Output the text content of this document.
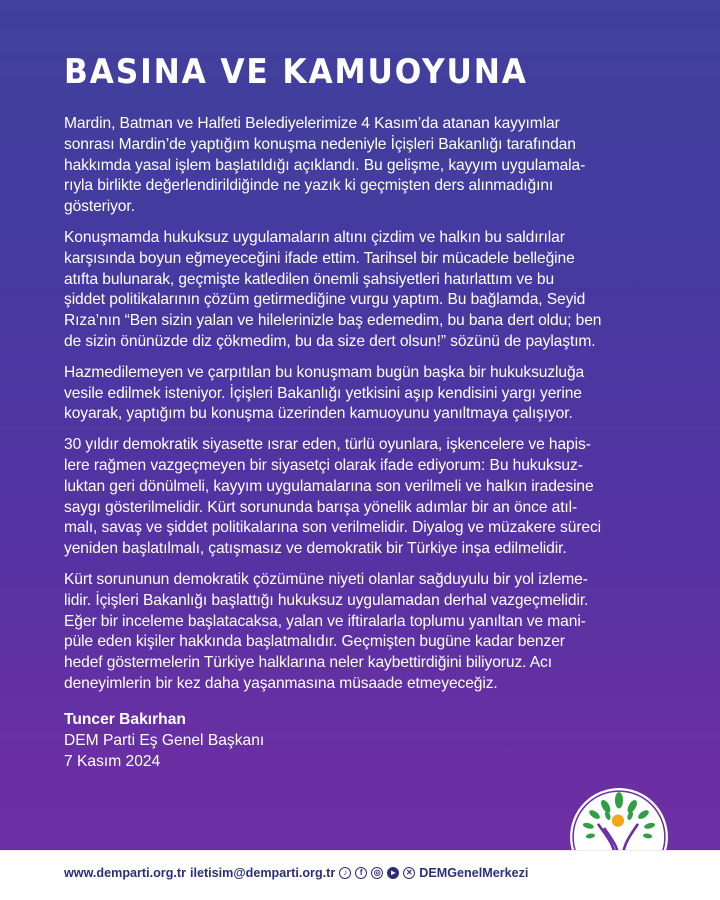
BASINA VE KAMUOYUNA

Mardin, Batman ve Halfeti Belediyelerimize 4 Kasım’da atanan kayyımlar
sonrası Mardin’de yaptığım konuşma nedeniyle İçişleri Bakanlığı tarafından
hakkımda yasal işlem başlatıldığı açıklandı. Bu gelişme, kayyım uygulamala-
rıyla birlikte değerlendirildiğinde ne yazık ki geçmişten ders alınmadığını
gösteriyor.

Konuşmamda hukuksuz uygulamaların altını çizdim ve halkın bu saldırılar
karşısında boyun eğmeyeceğini ifade ettim. Tarihsel bir mücadele belleğine
atıfta bulunarak, geçmişte katledilen önemli şahsiyetleri hatırlattım ve bu
şiddet politikalarının çözüm getirmediğine vurgu yaptım. Bu bağlamda, Seyid
Rıza’nın “Ben sizin yalan ve hilelerinizle baş edemedim, bu bana dert oldu; ben
de sizin önünüzde diz çökmedim, bu da size dert olsun!” sözünü de paylaştım.

Hazmedilemeyen ve çarpıtılan bu konuşmam bugün başka bir hukuksuzluğa
vesile edilmek isteniyor. İçişleri Bakanlığı yetkisini aşıp kendisini yargı yerine
koyarak, yaptığım bu konuşma üzerinden kamuoyunu yanıltmaya çalışıyor.

30 yıldır demokratik siyasette ısrar eden, türlü oyunlara, işkencelere ve hapis-
lere rağmen vazgeçmeyen bir siyasetçi olarak ifade ediyorum: Bu hukuksuz-
luktan geri dönülmeli, kayyım uygulamalarına son verilmeli ve halkın iradesine
saygı gösterilmelidir. Kürt sorununda barışa yönelik adımlar bir an önce atıl-
malı, savaş ve şiddet politikalarına son verilmelidir. Diyalog ve müzakere süreci
yeniden başlatılmalı, çatışmasız ve demokratik bir Türkiye inşa edilmelidir.

Kürt sorununun demokratik çözümüne niyeti olanlar sağduyulu bir yol izleme-
lidir. İçişleri Bakanlığı başlattığı hukuksuz uygulamadan derhal vazgeçmelidir.
Eğer bir inceleme başlatacaksa, yalan ve iftiralarla toplumu yanıltan ve mani-
püle eden kişiler hakkında başlatmalıdır. Geçmişten bugüne kadar benzer
hedef göstermelerin Türkiye halklarına neler kaybettirdiğini biliyoruz. Acı
deneyimlerin bir kez daha yaşanmasına müsaade etmeyeceğiz.

Tuncer Bakırhan
DEM Parti Eş Genel Başkanı
7 Kasım 2024
www.demparti.org.tr iletisim@demparti.org.tr	♪	f	◎	▸	✕ DEMGenelMerkezi
